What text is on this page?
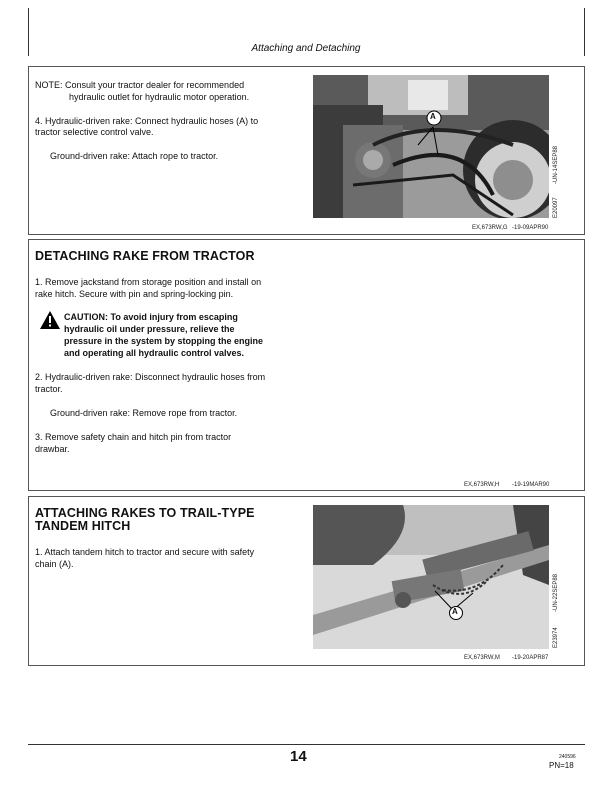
Attaching and Detaching
NOTE: Consult your tractor dealer for recommended
hydraulic outlet for hydraulic motor operation.
4. Hydraulic-driven rake: Connect hydraulic hoses (A) to
tractor selective control valve.
Ground-driven rake: Attach rope to tractor.
A
E20097
-UN-14SEP88
EX,673RW,G -19-09APR90
DETACHING RAKE FROM TRACTOR
1. Remove jackstand from storage position and install on
rake hitch. Secure with pin and spring-locking pin.
CAUTION: To avoid injury from escaping
hydraulic oil under pressure, relieve the
pressure in the system by stopping the engine
and operating all hydraulic control valves.
2. Hydraulic-driven rake: Disconnect hydraulic hoses from
tractor.
Ground-driven rake: Remove rope from tractor.
3. Remove safety chain and hitch pin from tractor
drawbar.
EX,673RW,H -19-19MAR90
ATTACHING RAKES TO TRAIL-TYPE
TANDEM HITCH
1. Attach tandem hitch to tractor and secure with safety
chain (A).
A
E23974
-UN-22SEP88
EX,673RW,M -19-20APR87
14	240596
PN=18
